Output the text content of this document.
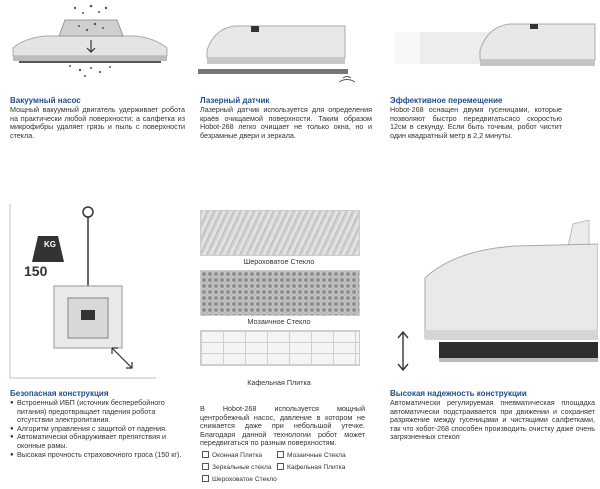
Вакуумный насос
Мощный вакуумный двигатель удерживает робота на практически любой поверхности; а салфетка из микрофибры удаляет грязь и пыль с поверхности стекла.
Лазерный датчик
Лазерный датчик используется для определения краёв очищаемой поверхности. Таким образом Hobot-268 легко очищает не только окна, но и безрамные двери и зеркала.
Эффективное перемещение
Hobot-268 оснащен двумя гусеницами, которые позволяют быстро передвигатьсясо скоростью 12см в секунду. Если быть точным, робот чистит один квадратный метр в 2,2 минуты.
KG
150
Безопасная конструкция
● Встроенный ИБП (источник бесперебойного питания) предотвращает падения робота отсутствии электропитания.
● Алгоритм управления с защитой от падения.
● Автоматически обнаруживает препятствия и оконные рамы.
● Высокая прочность страховочного троса (150 кг).
Шероховатое Стекло
Мозаичное Стекло
Кафельная Плитка
В Hobot-268 используется мощный центробежный насос, давление в котором не снижается даже при небольшой утечке. Благодаря данной технологии робот может передвигаться по разным поверхностям.
Оконная Плитка	Мозаичные Стекла
Зеркальные стекла	Кафельная Плитка
Шероховатое Стекло
Высокая надежность конструкции
Автоматически регулируемая пневматическая площадка автоматически подстраивается при движении и сохраняет разряжение между гусеницами и чистящими салфетками, так что хобот-268 способен производить очистку даже очень загрязненных стекол
